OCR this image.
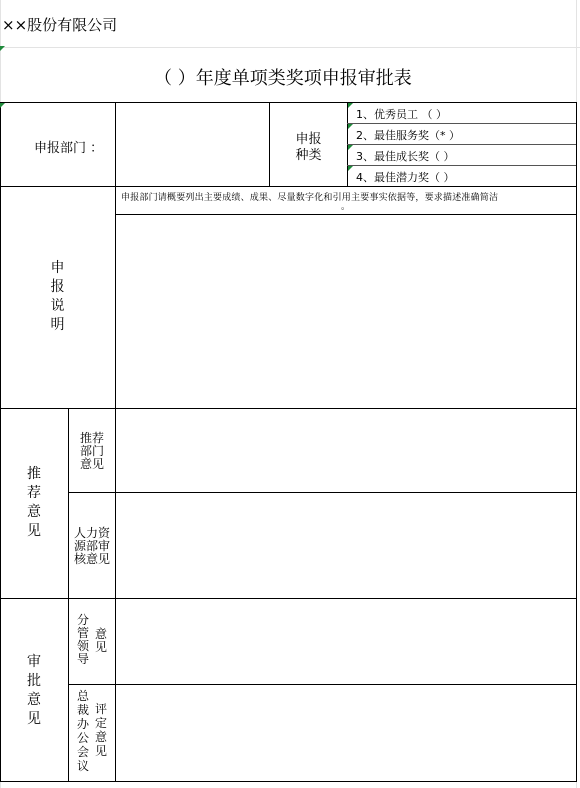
××股份有限公司
（ ）年度单项类奖项申报审批表
申报部门 ：
申报
种类
1、优秀员工 （ ）
2、最佳服务奖（* ）
3、最佳成长奖（ ）
4、最佳潜力奖（ ）
申
报
说
明
申报部门请概要列出主要成绩、成果、尽量数字化和引用主要事实依据等，要求描述准确简洁
。
推
荐
意
见
推荐
部门
意见
人力资
源部审
核意见
审
批
意
见
分
管
领
导
意
见
总
裁
办
公
会
议
评
定
意
见
